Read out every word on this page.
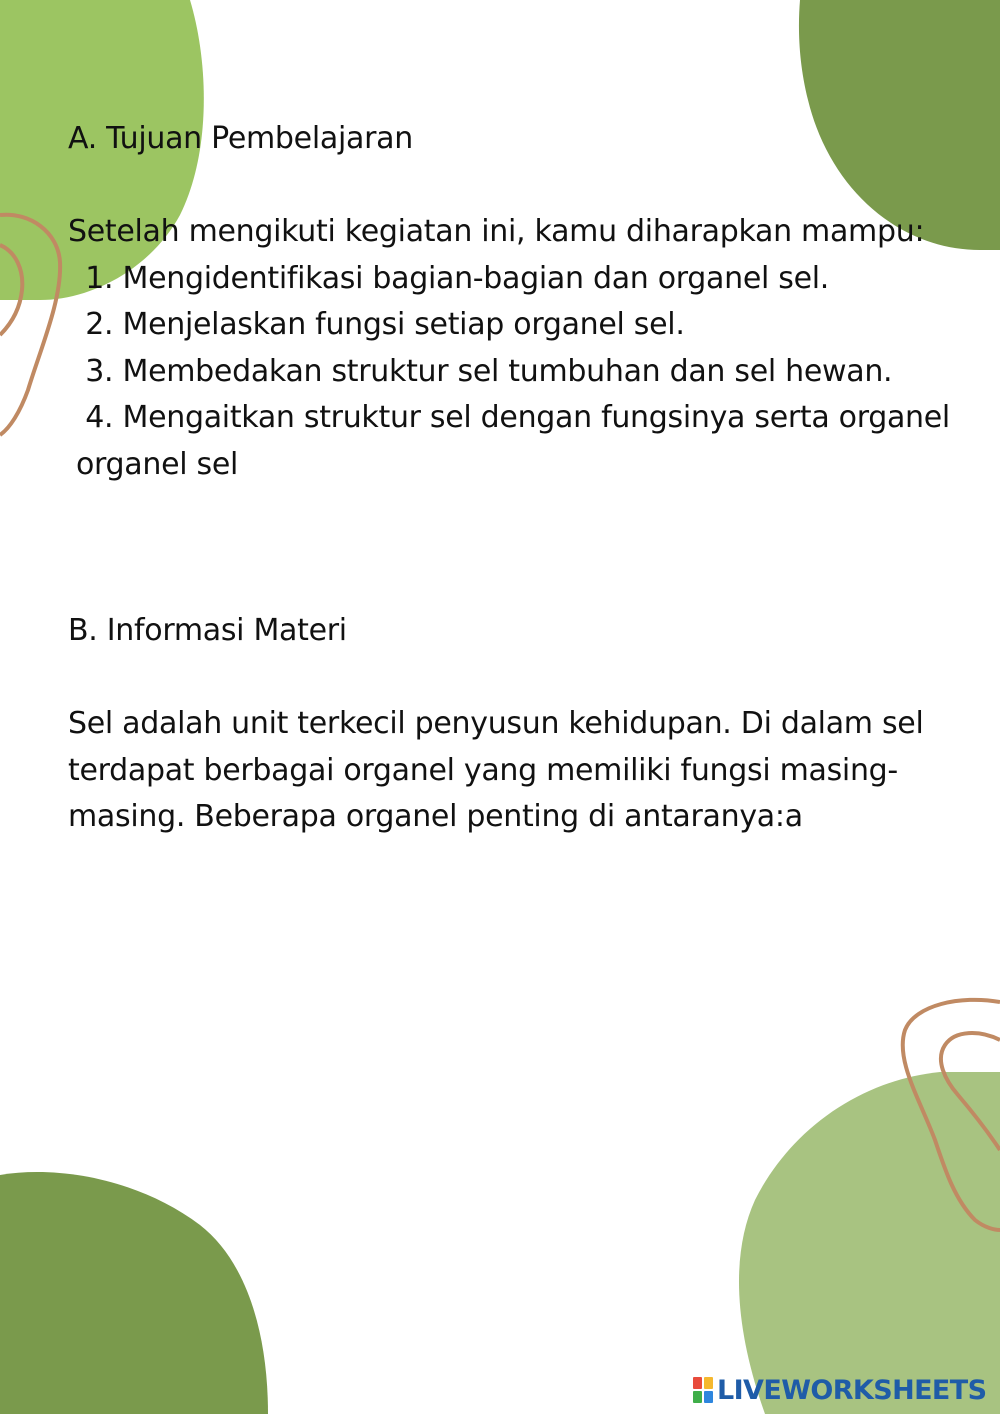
A. Tujuan Pembelajaran

Setelah mengikuti kegiatan ini, kamu diharapkan mampu:

1. Mengidentifikasi bagian-bagian dan organel sel.

2. Menjelaskan fungsi setiap organel sel.

3. Membedakan struktur sel tumbuhan dan sel hewan.

4. Mengaitkan struktur sel dengan fungsinya serta organel organel sel

B. Informasi Materi

Sel adalah unit terkecil penyusun kehidupan. Di dalam sel terdapat berbagai organel yang memiliki fungsi masing-masing. Beberapa organel penting di antaranya:a

LIVEWORKSHEETS
